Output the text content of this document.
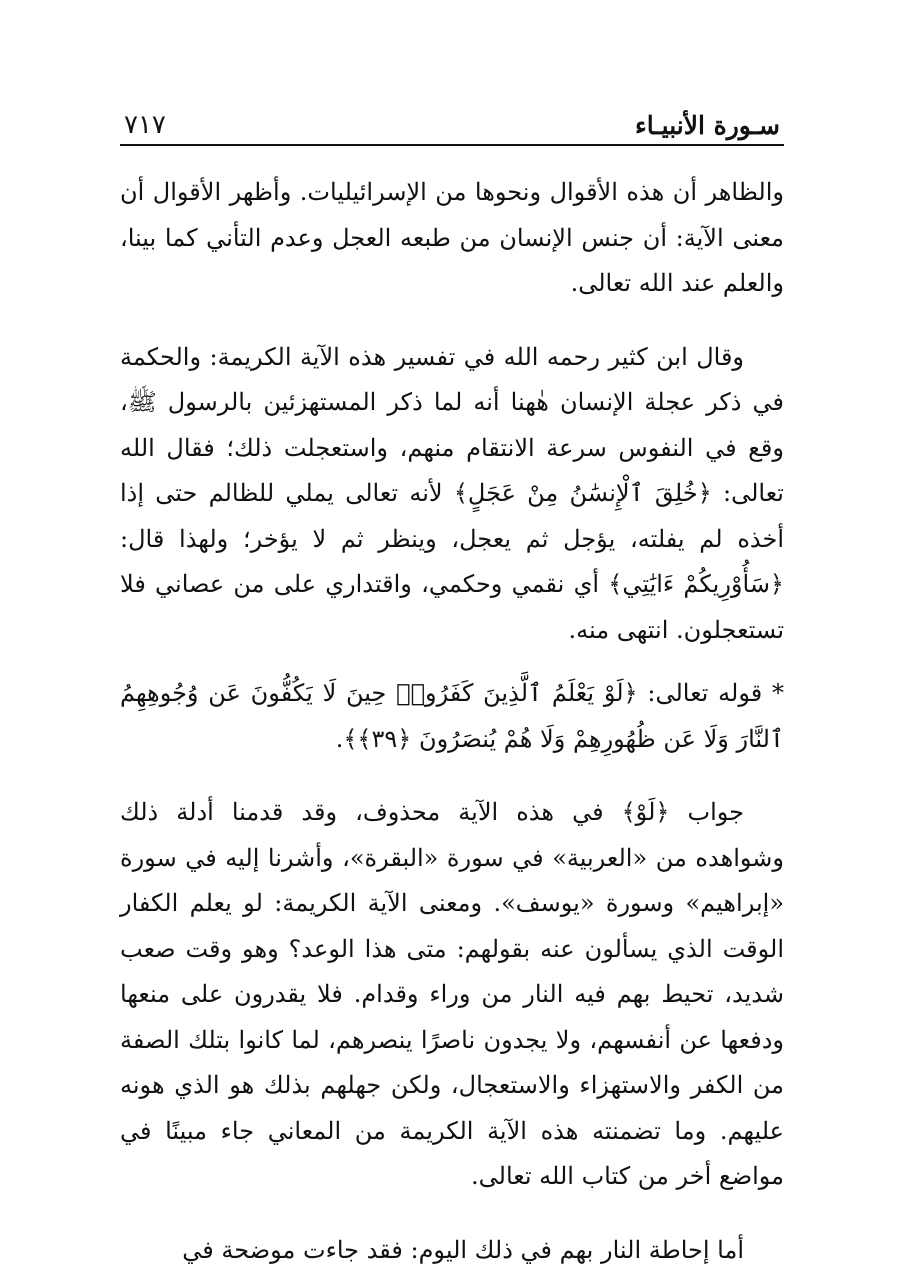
سـورة الأنبيـاء
٧١٧

والظاهر أن هذه الأقوال ونحوها من الإسرائيليات. وأظهر الأقوال أن معنى الآية: أن جنس الإنسان من طبعه العجل وعدم التأني كما بينا، والعلم عند الله تعالى.

وقال ابن كثير رحمه الله في تفسير هذه الآية الكريمة: والحكمة في ذكر عجلة الإنسان هٰهنا أنه لما ذكر المستهزئين بالرسول ﷺ، وقع في النفوس سرعة الانتقام منهم، واستعجلت ذلك؛ فقال الله تعالى: ﴿خُلِقَ ٱلْإِنسَٰنُ مِنْ عَجَلٍ﴾ لأنه تعالى يملي للظالم حتى إذا أخذه لم يفلته، يؤجل ثم يعجل، وينظر ثم لا يؤخر؛ ولهذا قال: ﴿سَأُوْرِيكُمْ ءَايَٰتِي﴾ أي نقمي وحكمي، واقتداري على من عصاني فلا تستعجلون. انتهى منه.

* قوله تعالى: ﴿لَوْ يَعْلَمُ ٱلَّذِينَ كَفَرُوا۟ حِينَ لَا يَكُفُّونَ عَن وُجُوهِهِمُ ٱلنَّارَ وَلَا عَن ظُهُورِهِمْ وَلَا هُمْ يُنصَرُونَ ﴿٣٩﴾﴾.

جواب ﴿لَوْ﴾ في هذه الآية محذوف، وقد قدمنا أدلة ذلك وشواهده من «العربية» في سورة «البقرة»، وأشرنا إليه في سورة «إبراهيم» وسورة «يوسف». ومعنى الآية الكريمة: لو يعلم الكفار الوقت الذي يسألون عنه بقولهم: متى هذا الوعد؟ وهو وقت صعب شديد، تحيط بهم فيه النار من وراء وقدام. فلا يقدرون على منعها ودفعها عن أنفسهم، ولا يجدون ناصرًا ينصرهم، لما كانوا بتلك الصفة من الكفر والاستهزاء والاستعجال، ولكن جهلهم بذلك هو الذي هونه عليهم. وما تضمنته هذه الآية الكريمة من المعاني جاء مبينًا في مواضع أخر من كتاب الله تعالى.

أما إحاطة النار بهم في ذلك اليوم: فقد جاءت موضحة في
